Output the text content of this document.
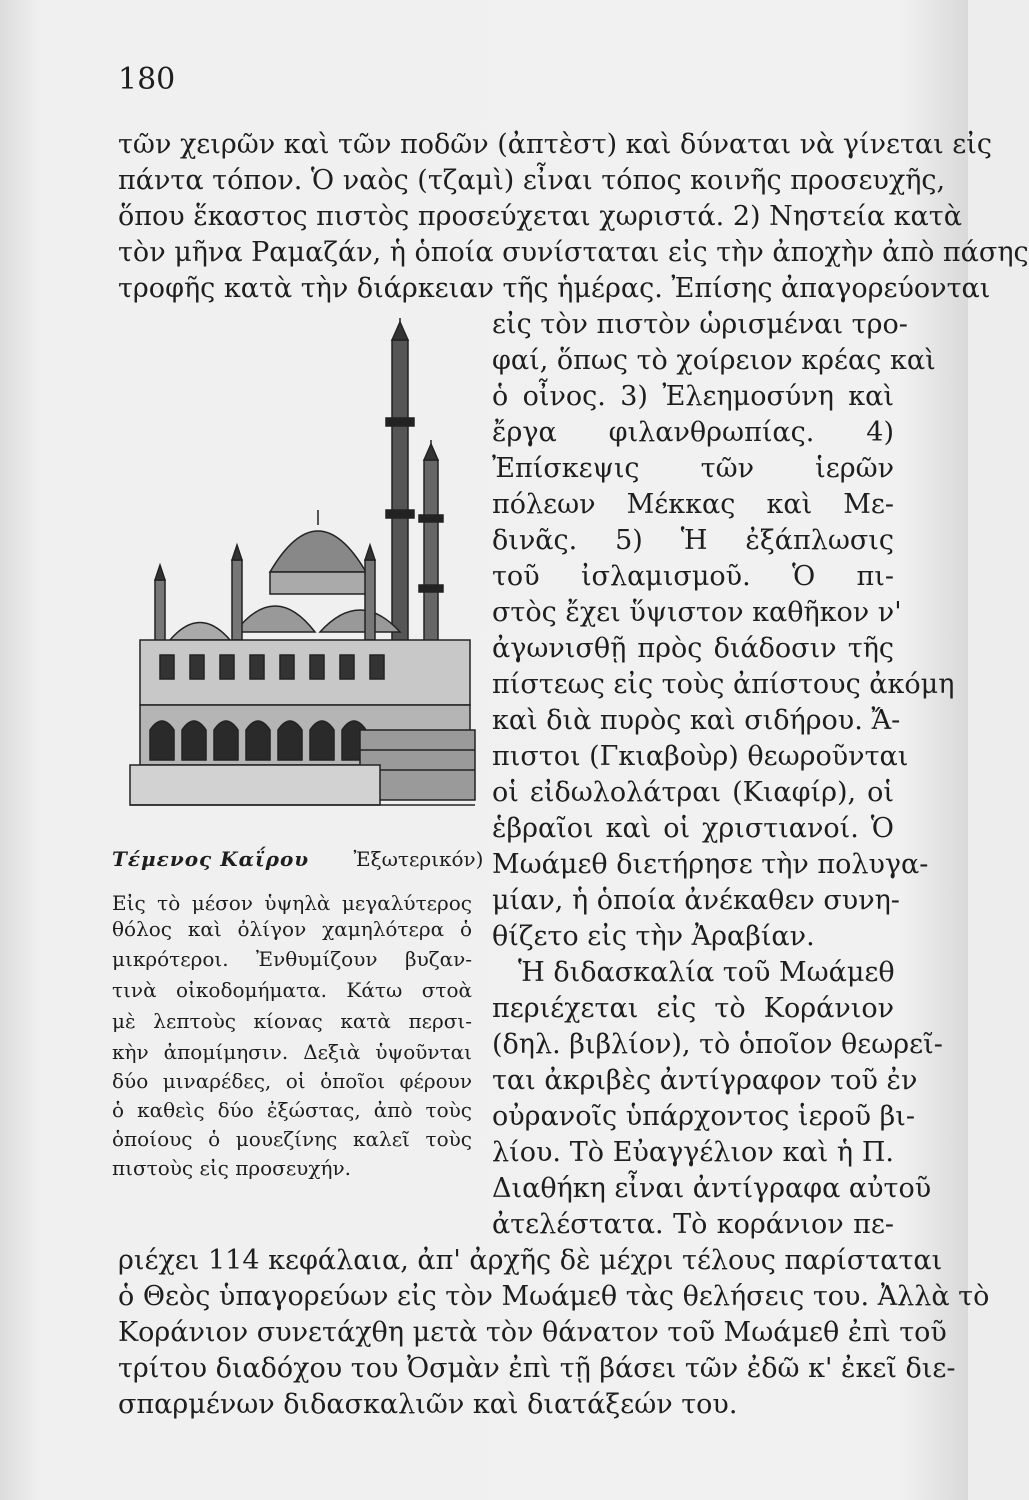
180
τῶν χειρῶν καὶ τῶν ποδῶν (ἀπτὲστ) καὶ δύναται νὰ γίνεται εἰς
πάντα τόπον. Ὁ ναὸς (τζαμὶ) εἶναι τόπος κοινῆς προσευχῆς,
ὅπου ἕκαστος πιστὸς προσεύχεται χωριστά. 2) Νηστεία κατὰ
τὸν μῆνα Ραμαζάν, ἡ ὁποία συνίσταται εἰς τὴν ἀποχὴν ἀπὸ πάσης
τροφῆς κατὰ τὴν διάρκειαν τῆς ἡμέρας. Ἐπίσης ἀπαγορεύονται
εἰς τὸν πιστὸν ὡρισμέναι τρο-
φαί, ὅπως τὸ χοίρειον κρέας καὶ
ὁ οἶνος. 3) Ἐλεημοσύνη καὶ
ἔργα φιλανθρωπίας. 4)
Ἐπίσκεψις τῶν ἱερῶν
πόλεων Μέκκας καὶ Με-
δινᾶς. 5) Ἡ ἐξάπλωσις
τοῦ ἰσλαμισμοῦ. Ὁ πι-
στὸς ἔχει ὕψιστον καθῆκον ν'
ἀγωνισθῇ πρὸς διάδοσιν τῆς
πίστεως εἰς τοὺς ἀπίστους ἀκόμη
καὶ διὰ πυρὸς καὶ σιδήρου. Ἄ-
πιστοι (Γκιαβοὺρ) θεωροῦνται
οἱ εἰδωλολάτραι (Κιαφίρ), οἱ
ἑβραῖοι καὶ οἱ χριστιανοί. Ὁ
Μωάμεθ διετήρησε τὴν πολυγα-
μίαν, ἡ ὁποία ἀνέκαθεν συνη-
θίζετο εἰς τὴν Ἀραβίαν.
Ἡ διδασκαλία τοῦ Μωάμεθ
περιέχεται εἰς τὸ Κοράνιον
(δηλ. βιβλίον), τὸ ὁποῖον θεωρεῖ-
ται ἀκριβὲς ἀντίγραφον τοῦ ἐν
οὐρανοῖς ὑπάρχοντος ἱεροῦ βι-
λίου. Τὸ Εὐαγγέλιον καὶ ἡ Π.
Διαθήκη εἶναι ἀντίγραφα αὐτοῦ
ἀτελέστατα. Τὸ κοράνιον πε-
Τέμενος Καΐρου Ἐξωτερικόν)
Εἰς τὸ μέσον ὑψηλὰ μεγαλύτερος
θόλος καὶ ὀλίγον χαμηλότερα ὁ
μικρότεροι. Ἐνθυμίζουν βυζαν-
τινὰ οἰκοδομήματα. Κάτω στοὰ
μὲ λεπτοὺς κίονας κατὰ περσι-
κὴν ἀπομίμησιν. Δεξιὰ ὑψοῦνται
δύο μιναρέδες, οἱ ὁποῖοι φέρουν
ὁ καθεὶς δύο ἐξώστας, ἀπὸ τοὺς
ὁποίους ὁ μουεζίνης καλεῖ τοὺς
πιστοὺς εἰς προσευχήν.
ριέχει 114 κεφάλαια, ἀπ' ἀρχῆς δὲ μέχρι τέλους παρίσταται
ὁ Θεὸς ὑπαγορεύων εἰς τὸν Μωάμεθ τὰς θελήσεις του. Ἀλλὰ τὸ
Κοράνιον συνετάχθη μετὰ τὸν θάνατον τοῦ Μωάμεθ ἐπὶ τοῦ
τρίτου διαδόχου του Ὀσμὰν ἐπὶ τῇ βάσει τῶν ἐδῶ κ' ἐκεῖ διε-
σπαρμένων διδασκαλιῶν καὶ διατάξεών του.
